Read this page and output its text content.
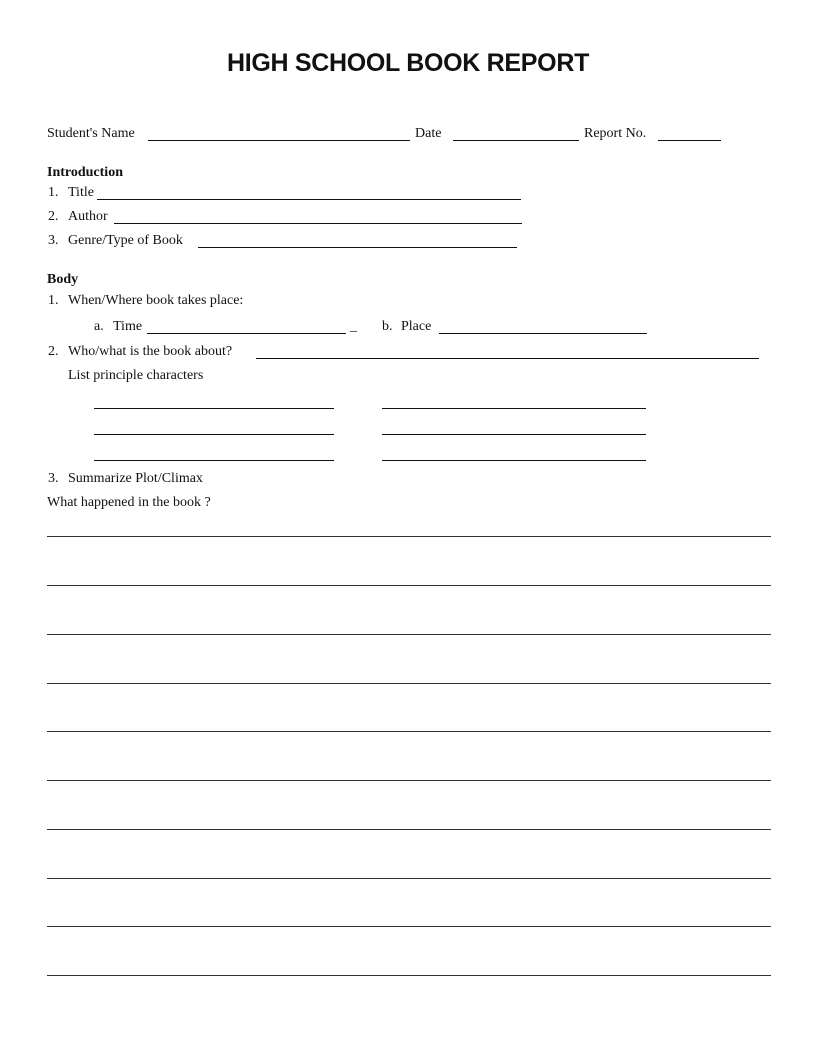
HIGH SCHOOL BOOK REPORT
Student's Name	Date	Report No.
Introduction
1. Title
2. Author
3. Genre/Type of Book
Body
1. When/Where book takes place:
a. Time	_ b. Place
2. Who/what is the book about?
List principle characters
3. Summarize Plot/Climax
What happened in the book ?
